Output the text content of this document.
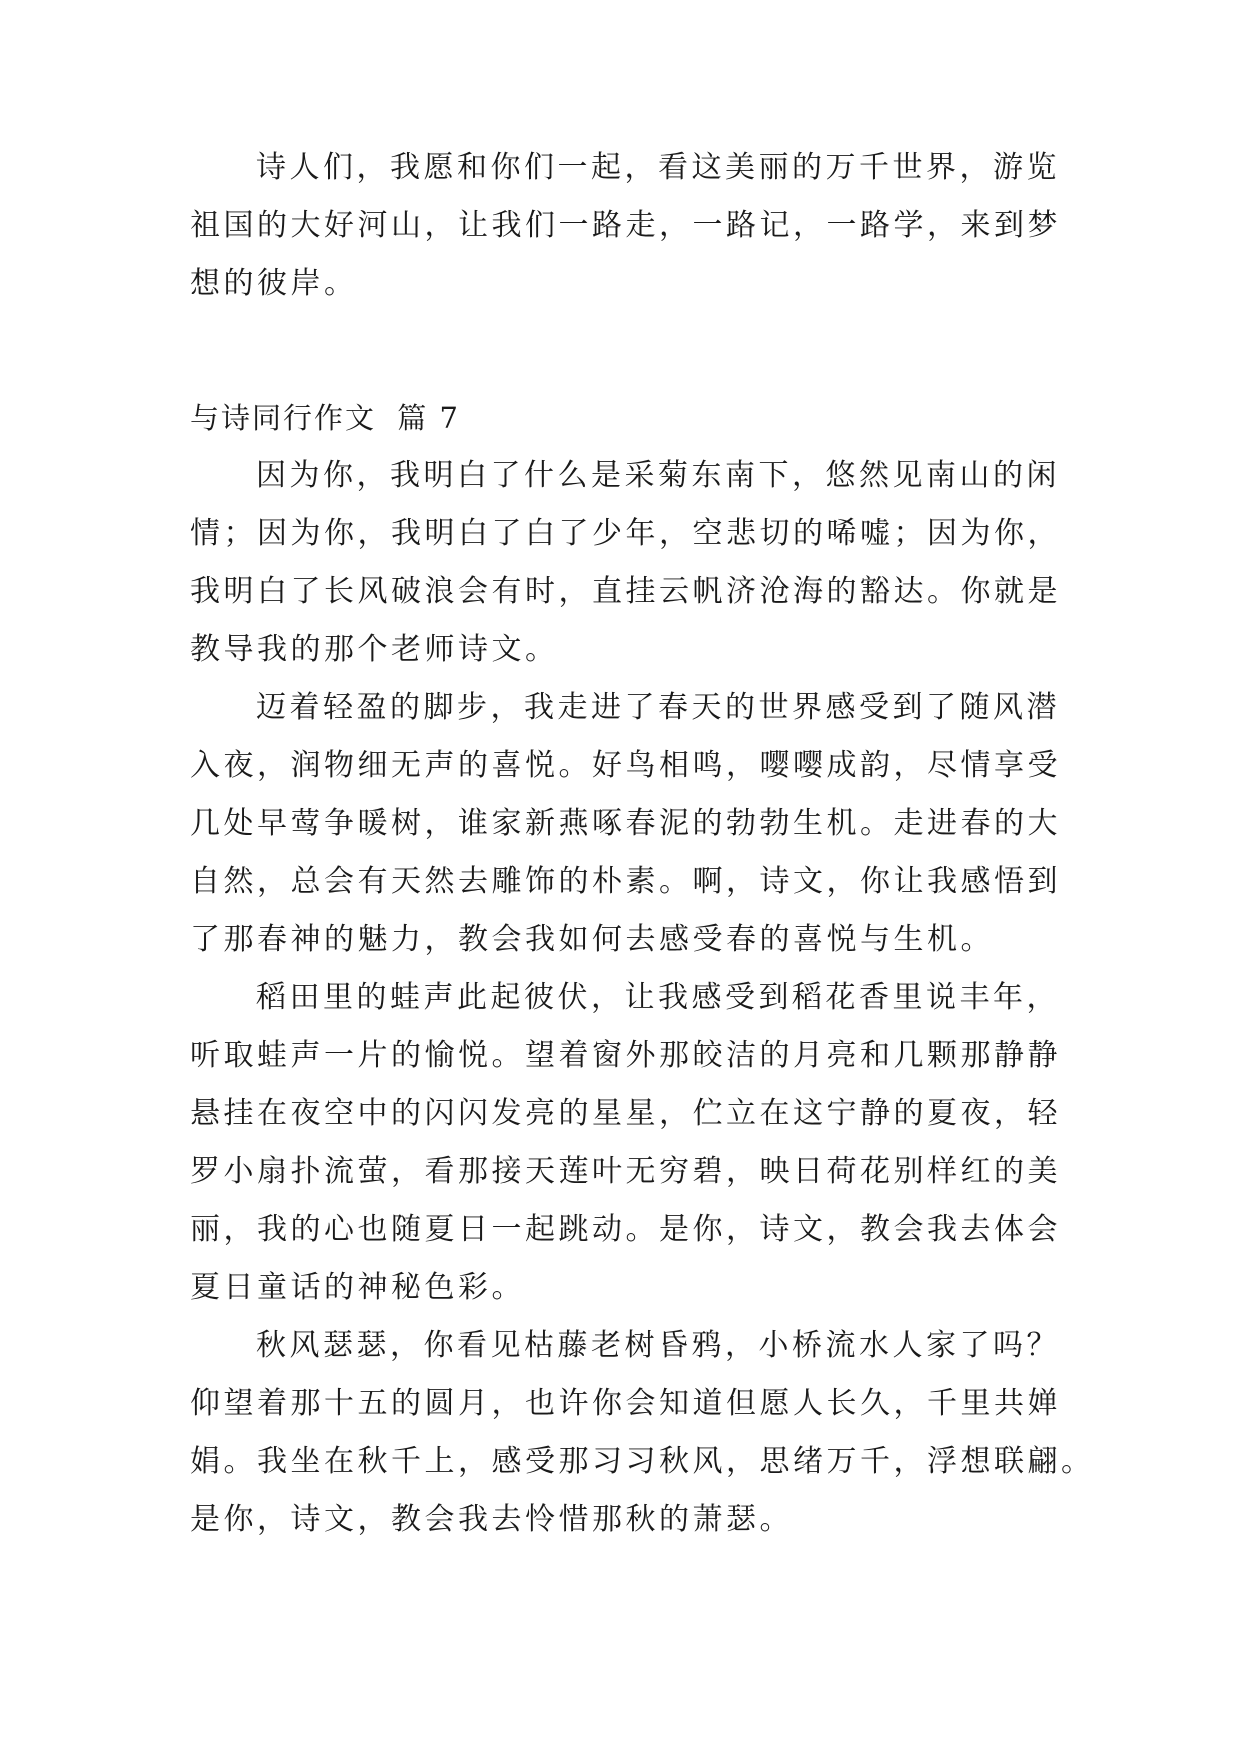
诗人们，我愿和你们一起，看这美丽的万千世界，游览
祖国的大好河山，让我们一路走，一路记，一路学，来到梦
想的彼岸。
与诗同行作文 篇 7
因为你，我明白了什么是采菊东南下，悠然见南山的闲
情；因为你，我明白了白了少年，空悲切的唏嘘；因为你，
我明白了长风破浪会有时，直挂云帆济沧海的豁达。你就是
教导我的那个老师诗文。
迈着轻盈的脚步，我走进了春天的世界感受到了随风潜
入夜，润物细无声的喜悦。好鸟相鸣，嘤嘤成韵，尽情享受
几处早莺争暖树，谁家新燕啄春泥的勃勃生机。走进春的大
自然，总会有天然去雕饰的朴素。啊，诗文，你让我感悟到
了那春神的魅力，教会我如何去感受春的喜悦与生机。
稻田里的蛙声此起彼伏，让我感受到稻花香里说丰年，
听取蛙声一片的愉悦。望着窗外那皎洁的月亮和几颗那静静
悬挂在夜空中的闪闪发亮的星星，伫立在这宁静的夏夜，轻
罗小扇扑流萤，看那接天莲叶无穷碧，映日荷花别样红的美
丽，我的心也随夏日一起跳动。是你，诗文，教会我去体会
夏日童话的神秘色彩。
秋风瑟瑟，你看见枯藤老树昏鸦，小桥流水人家了吗？
仰望着那十五的圆月，也许你会知道但愿人长久，千里共婵
娟。我坐在秋千上，感受那习习秋风，思绪万千，浮想联翩。
是你，诗文，教会我去怜惜那秋的萧瑟。
